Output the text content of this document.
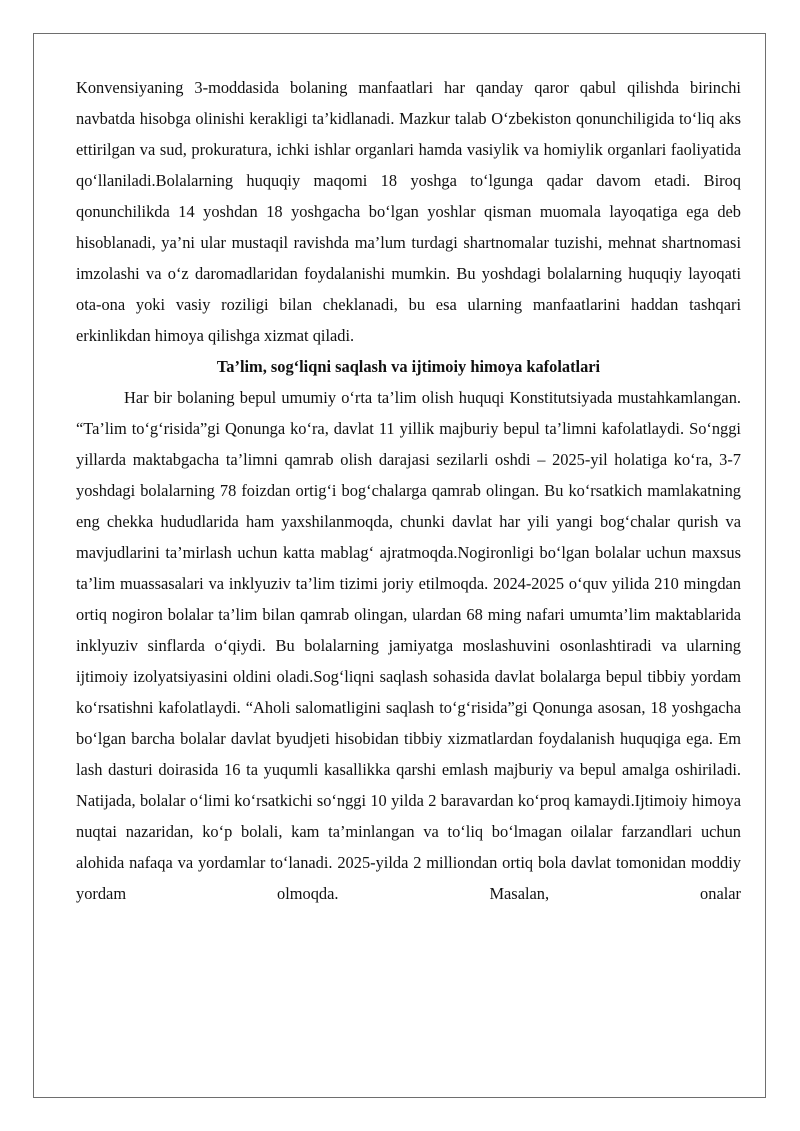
Konvensiyaning 3-moddasida bolaning manfaatlari har qanday qaror qabul qilishda birinchi navbatda hisobga olinishi kerakligi ta’kidlanadi. Mazkur talab O‘zbekiston qonunchiligida to‘liq aks ettirilgan va sud, prokuratura, ichki ishlar organlari hamda vasiylik va homiylik organlari faoliyatida qo‘llaniladi.Bolalarning huquqiy maqomi 18 yoshga to‘lgunga qadar davom etadi. Biroq qonunchilikda 14 yoshdan 18 yoshgacha bo‘lgan yoshlar qisman muomala layoqatiga ega deb hisoblanadi, ya’ni ular mustaqil ravishda ma’lum turdagi shartnomalar tuzishi, mehnat shartnomasi imzolashi va o‘z daromadlaridan foydalanishi mumkin. Bu yoshdagi bolalarning huquqiy layoqati ota-ona yoki vasiy roziligi bilan cheklanadi, bu esa ularning manfaatlarini haddan tashqari erkinlikdan himoya qilishga xizmat qiladi.

Ta’lim, sog‘liqni saqlash va ijtimoiy himoya kafolatlari

Har bir bolaning bepul umumiy o‘rta ta’lim olish huquqi Konstitutsiyada mustahkamlangan. “Ta’lim to‘g‘risida”gi Qonunga ko‘ra, davlat 11 yillik majburiy bepul ta’limni kafolatlaydi. So‘nggi yillarda maktabgacha ta’limni qamrab olish darajasi sezilarli oshdi – 2025-yil holatiga ko‘ra, 3-7 yoshdagi bolalarning 78 foizdan ortig‘i bog‘chalarga qamrab olingan. Bu ko‘rsatkich mamlakatning eng chekka hududlarida ham yaxshilanmoqda, chunki davlat har yili yangi bog‘chalar qurish va mavjudlarini ta’mirlash uchun katta mablag‘ ajratmoqda.Nogironligi bo‘lgan bolalar uchun maxsus ta’lim muassasalari va inklyuziv ta’lim tizimi joriy etilmoqda. 2024-2025 o‘quv yilida 210 mingdan ortiq nogiron bolalar ta’lim bilan qamrab olingan, ulardan 68 ming nafari umumta’lim maktablarida inklyuziv sinflarda o‘qiydi. Bu bolalarning jamiyatga moslashuvini osonlashtiradi va ularning ijtimoiy izolyatsiyasini oldini oladi.Sog‘liqni saqlash sohasida davlat bolalarga bepul tibbiy yordam ko‘rsatishni kafolatlaydi. “Aholi salomatligini saqlash to‘g‘risida”gi Qonunga asosan, 18 yoshgacha bo‘lgan barcha bolalar davlat byudjeti hisobidan tibbiy xizmatlardan foydalanish huquqiga ega. Em lash dasturi doirasida 16 ta yuqumli kasallikka qarshi emlash majburiy va bepul amalga oshiriladi. Natijada, bolalar o‘limi ko‘rsatkichi so‘nggi 10 yilda 2 baravardan ko‘proq kamaydi.Ijtimoiy himoya nuqtai nazaridan, ko‘p bolali, kam ta’minlangan va to‘liq bo‘lmagan oilalar farzandlari uchun alohida nafaqa va yordamlar to‘lanadi. 2025-yilda 2 milliondan ortiq bola davlat tomonidan moddiy yordam olmoqda. Masalan, onalar
